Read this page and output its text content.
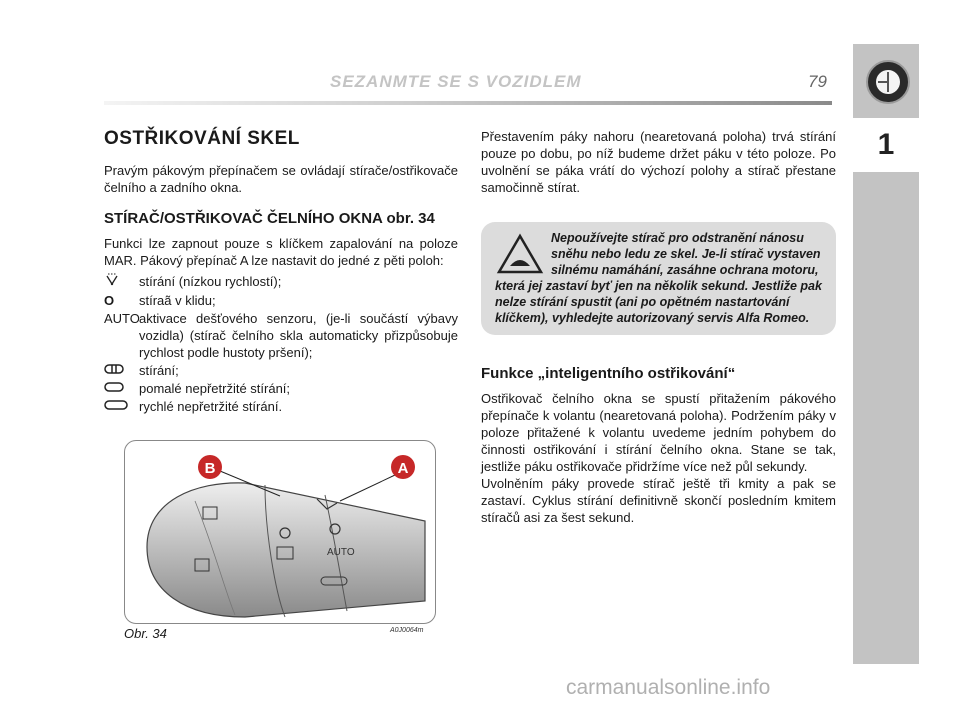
SEZANMTE SE S VOZIDLEM	79
1
OSTŘIKOVÁNÍ SKEL

Pravým pákovým přepínačem se ovládají stírače/ostřikovače čelního a zadního okna.

STÍRAČ/OSTŘIKOVAČ ČELNÍHO OKNA obr. 34

Funkci lze zapnout pouze s klíčkem zapalování na poloze MAR. Pákový přepínač A lze nastavit do jedné z pěti poloh:

stírání (nízkou rychlostí);
O	stíraã v klidu;
AUTO aktivace dešťového senzoru, (je-li součástí výbavy vozidla) (stírač čelního skla automaticky přizpůsobuje rychlost podle hustoty pršení);
stírání;
pomalé nepřetržité stírání;
rychlé nepřetržité stírání.
B	A
AUTO
Obr. 34	A0J0064m

Přestavením páky nahoru (nearetovaná poloha) trvá stírání pouze po dobu, po níž budeme držet páku v této poloze. Po uvolnění se páka vrátí do výchozí polohy a stírač přestane samočinně stírat.

Nepoužívejte stírač pro odstranění nánosu sněhu nebo ledu ze skel. Je-li stírač vystaven silnému namáhání, zasáhne ochrana motoru, která jej zastaví byť jen na několik sekund. Jestliže pak nelze stírání spustit (ani po opětném nastartování klíčkem), vyhledejte autorizovaný servis Alfa Romeo.

Funkce „inteligentního ostřikování“

Ostřikovač čelního okna se spustí přitažením pákového přepínače k volantu (nearetovaná poloha). Podržením páky v poloze přitažené k volantu uvedeme jedním pohybem do činnosti ostřikování i stírání čelního okna. Stane se tak, jestliže páku ostřikovače přidržíme více než půl sekundy.

Uvolněním páky provede stírač ještě tři kmity a pak se zastaví. Cyklus stírání definitivně skončí posledním kmitem stíračů asi za šest sekund.

carmanualsonline.info
